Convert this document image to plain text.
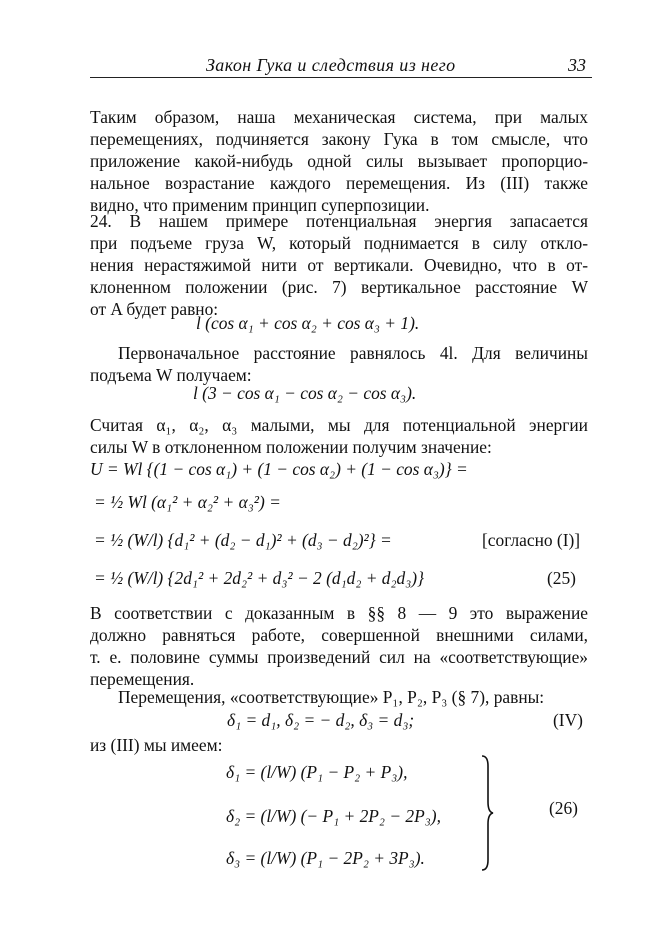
Закон Гука и следствия из него	33
Таким образом, наша механическая система, при малых
перемещениях, подчиняется закону Гука в том смысле, что
приложение какой-нибудь одной силы вызывает пропорцио-
нальное возрастание каждого перемещения. Из (III) также
видно, что применим принцип суперпозиции.
24. В нашем примере потенциальная энергия запасается
при подъеме груза W, который поднимается в силу откло-
нения нерастяжимой нити от вертикали. Очевидно, что в от-
клоненном положении (рис. 7) вертикальное расстояние W
от A будет равно:
l (cos α₁ + cos α₂ + cos α₃ + 1).
Первоначальное расстояние равнялось 4l. Для величины
подъема W получаем:
l (3 − cos α₁ − cos α₂ − cos α₃).
Считая α₁, α₂, α₃ малыми, мы для потенциальной энергии
силы W в отклоненном положении получим значение:
U = Wl {(1 − cos α₁) + (1 − cos α₂) + (1 − cos α₃)} =
= ½ Wl (α₁² + α₂² + α₃²) =
= ½ (W/l) {d₁² + (d₂ − d₁)² + (d₃ − d₂)²} =	[согласно (I)]
= ½ (W/l) {2d₁² + 2d₂² + d₃² − 2 (d₁d₂ + d₂d₃)}	(25)
В соответствии с доказанным в §§ 8 — 9 это выражение
должно равняться работе, совершенной внешними силами,
т. е. половине суммы произведений сил на «соответствующие»
перемещения.
Перемещения, «соответствующие» P₁, P₂, P₃ (§ 7), равны:
δ₁ = d₁, δ₂ = − d₂, δ₃ = d₃;	(IV)
из (III) мы имеем:
δ₁ = (l/W) (P₁ − P₂ + P₃),
δ₂ = (l/W) (− P₁ + 2P₂ − 2P₃),
δ₃ = (l/W) (P₁ − 2P₂ + 3P₃).
(26)
